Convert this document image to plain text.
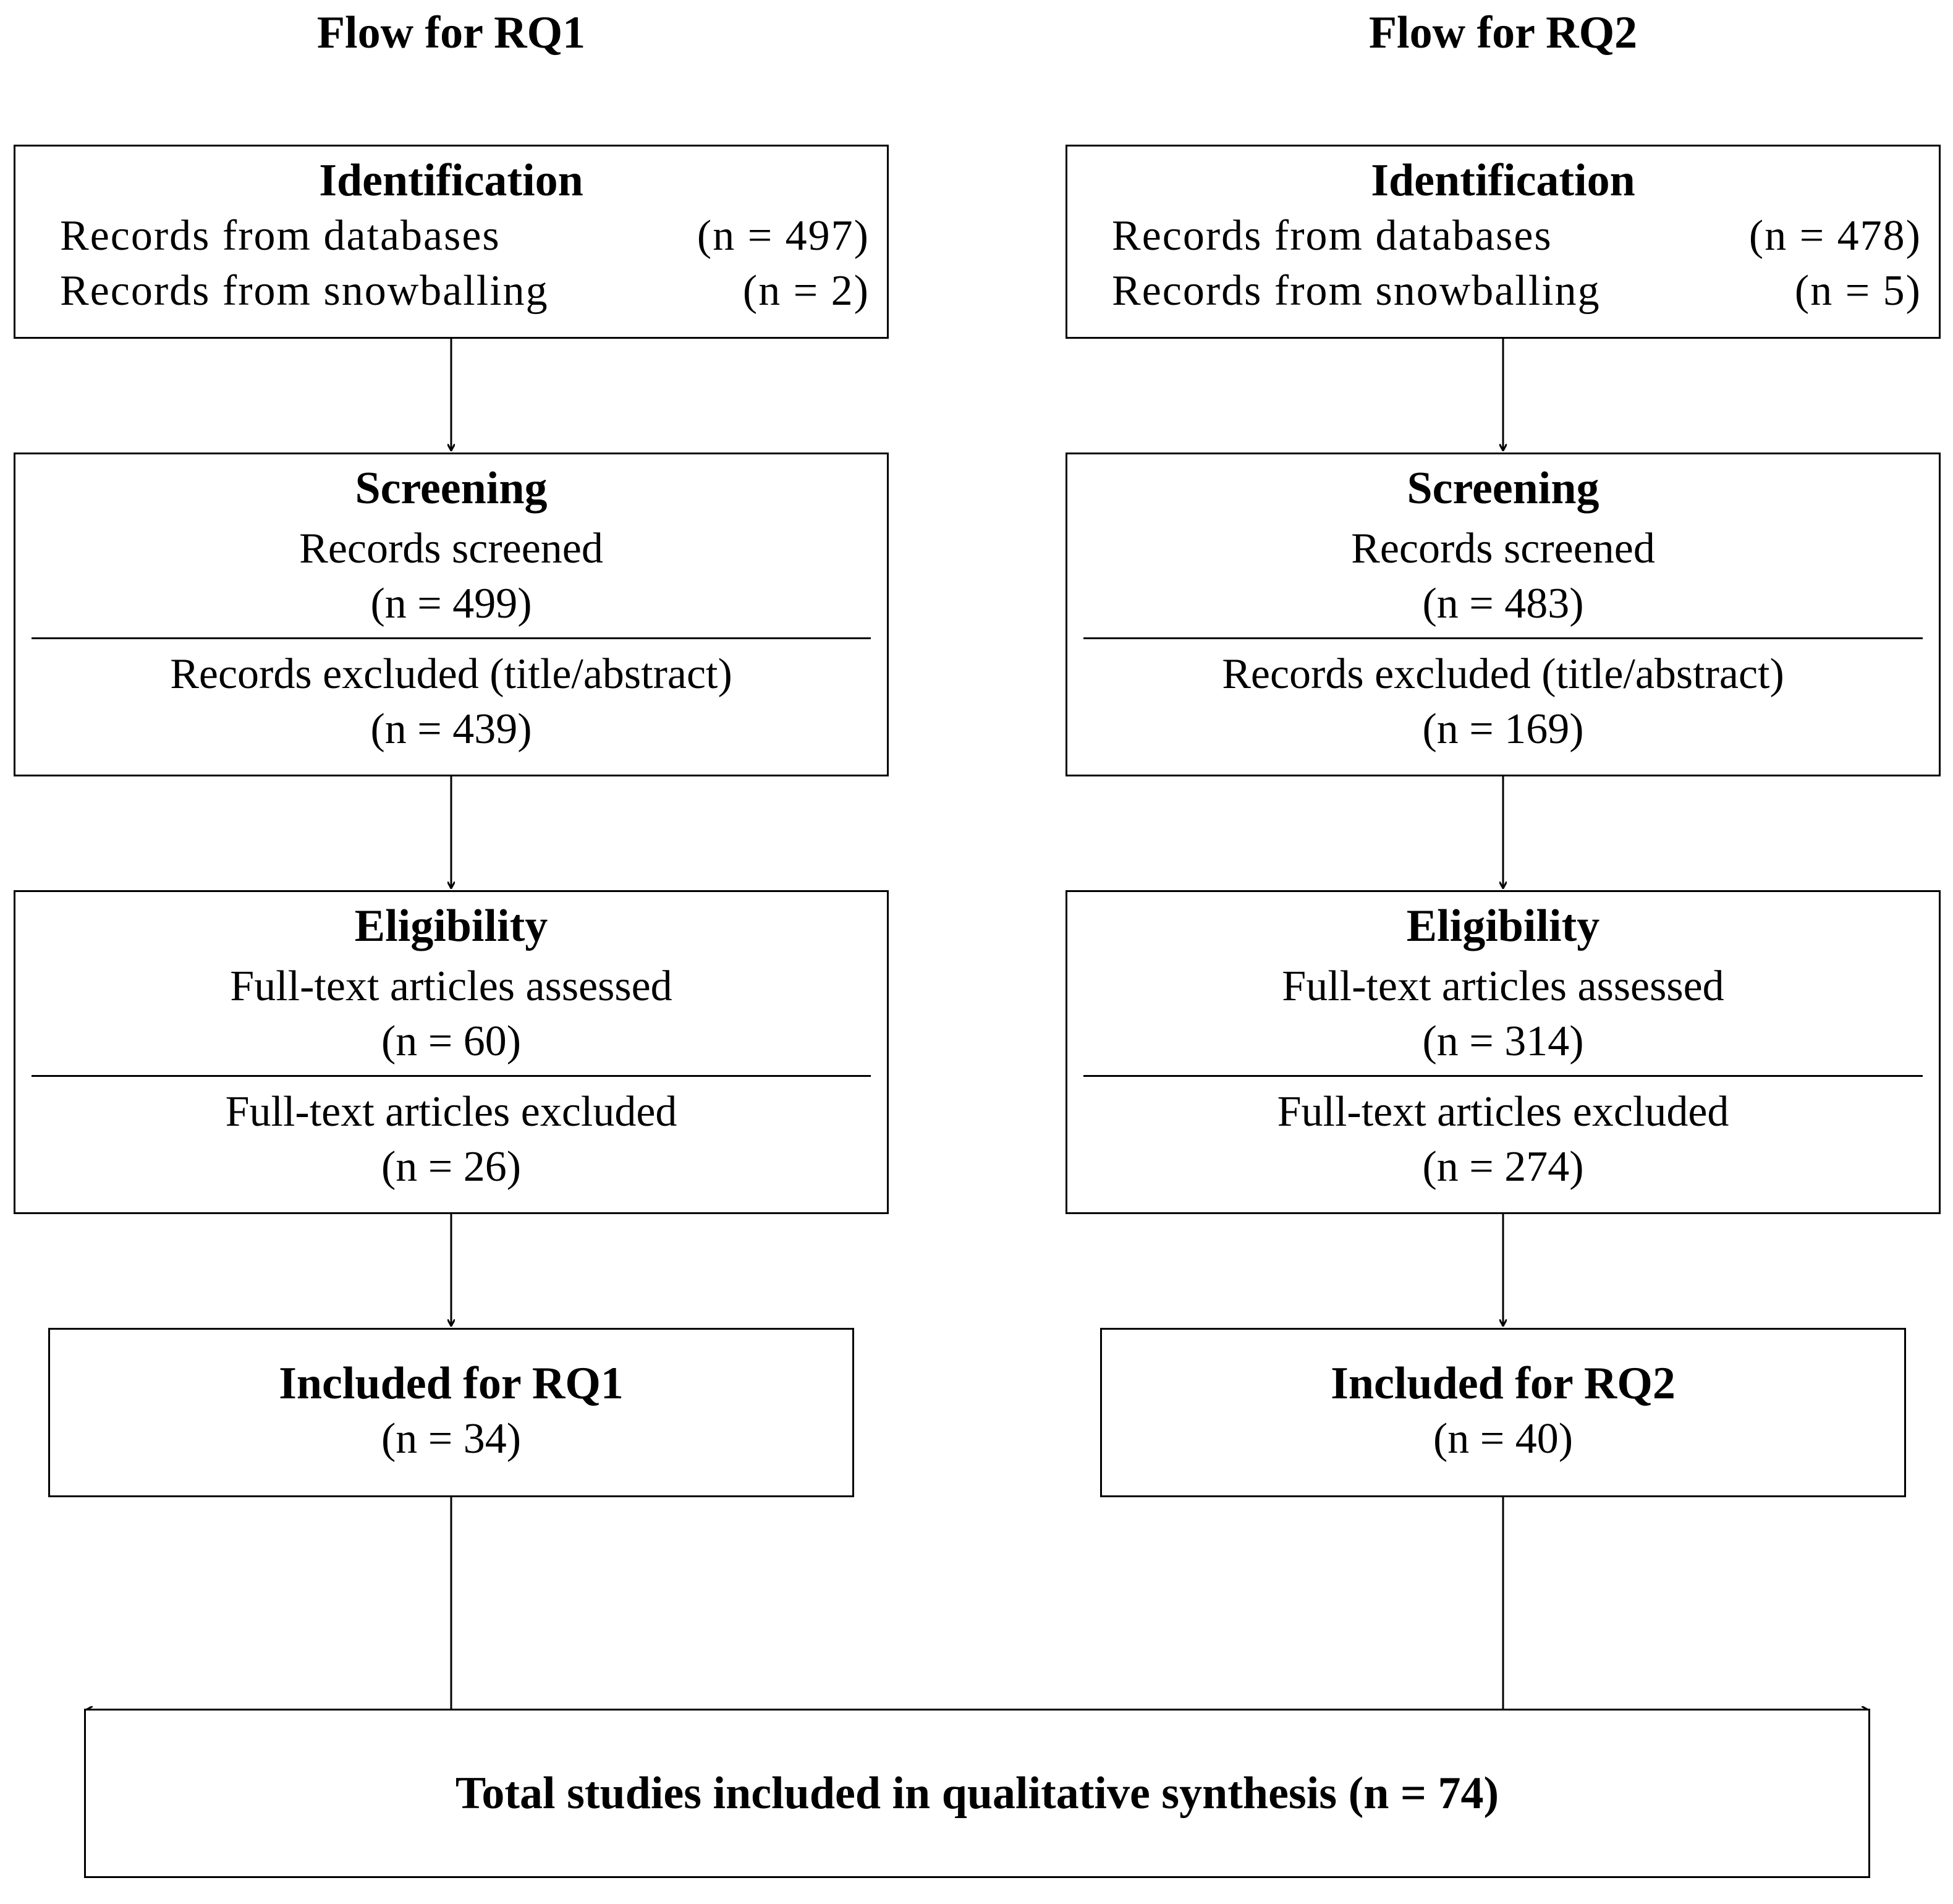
Flow for RQ1	Flow for RQ2
Identification
Records from databases	(n = 497)
Records from snowballing	(n = 2)
Identification
Records from databases	(n = 478)
Records from snowballing	(n = 5)
Screening
Records screened
(n = 499)
Records excluded (title/abstract)
(n = 439)
Screening
Records screened
(n = 483)
Records excluded (title/abstract)
(n = 169)
Eligibility
Full-text articles assessed
(n = 60)
Full-text articles excluded
(n = 26)
Eligibility
Full-text articles assessed
(n = 314)
Full-text articles excluded
(n = 274)
Included for RQ1
(n = 34)
Included for RQ2
(n = 40)
Total studies included in qualitative synthesis (n = 74)
